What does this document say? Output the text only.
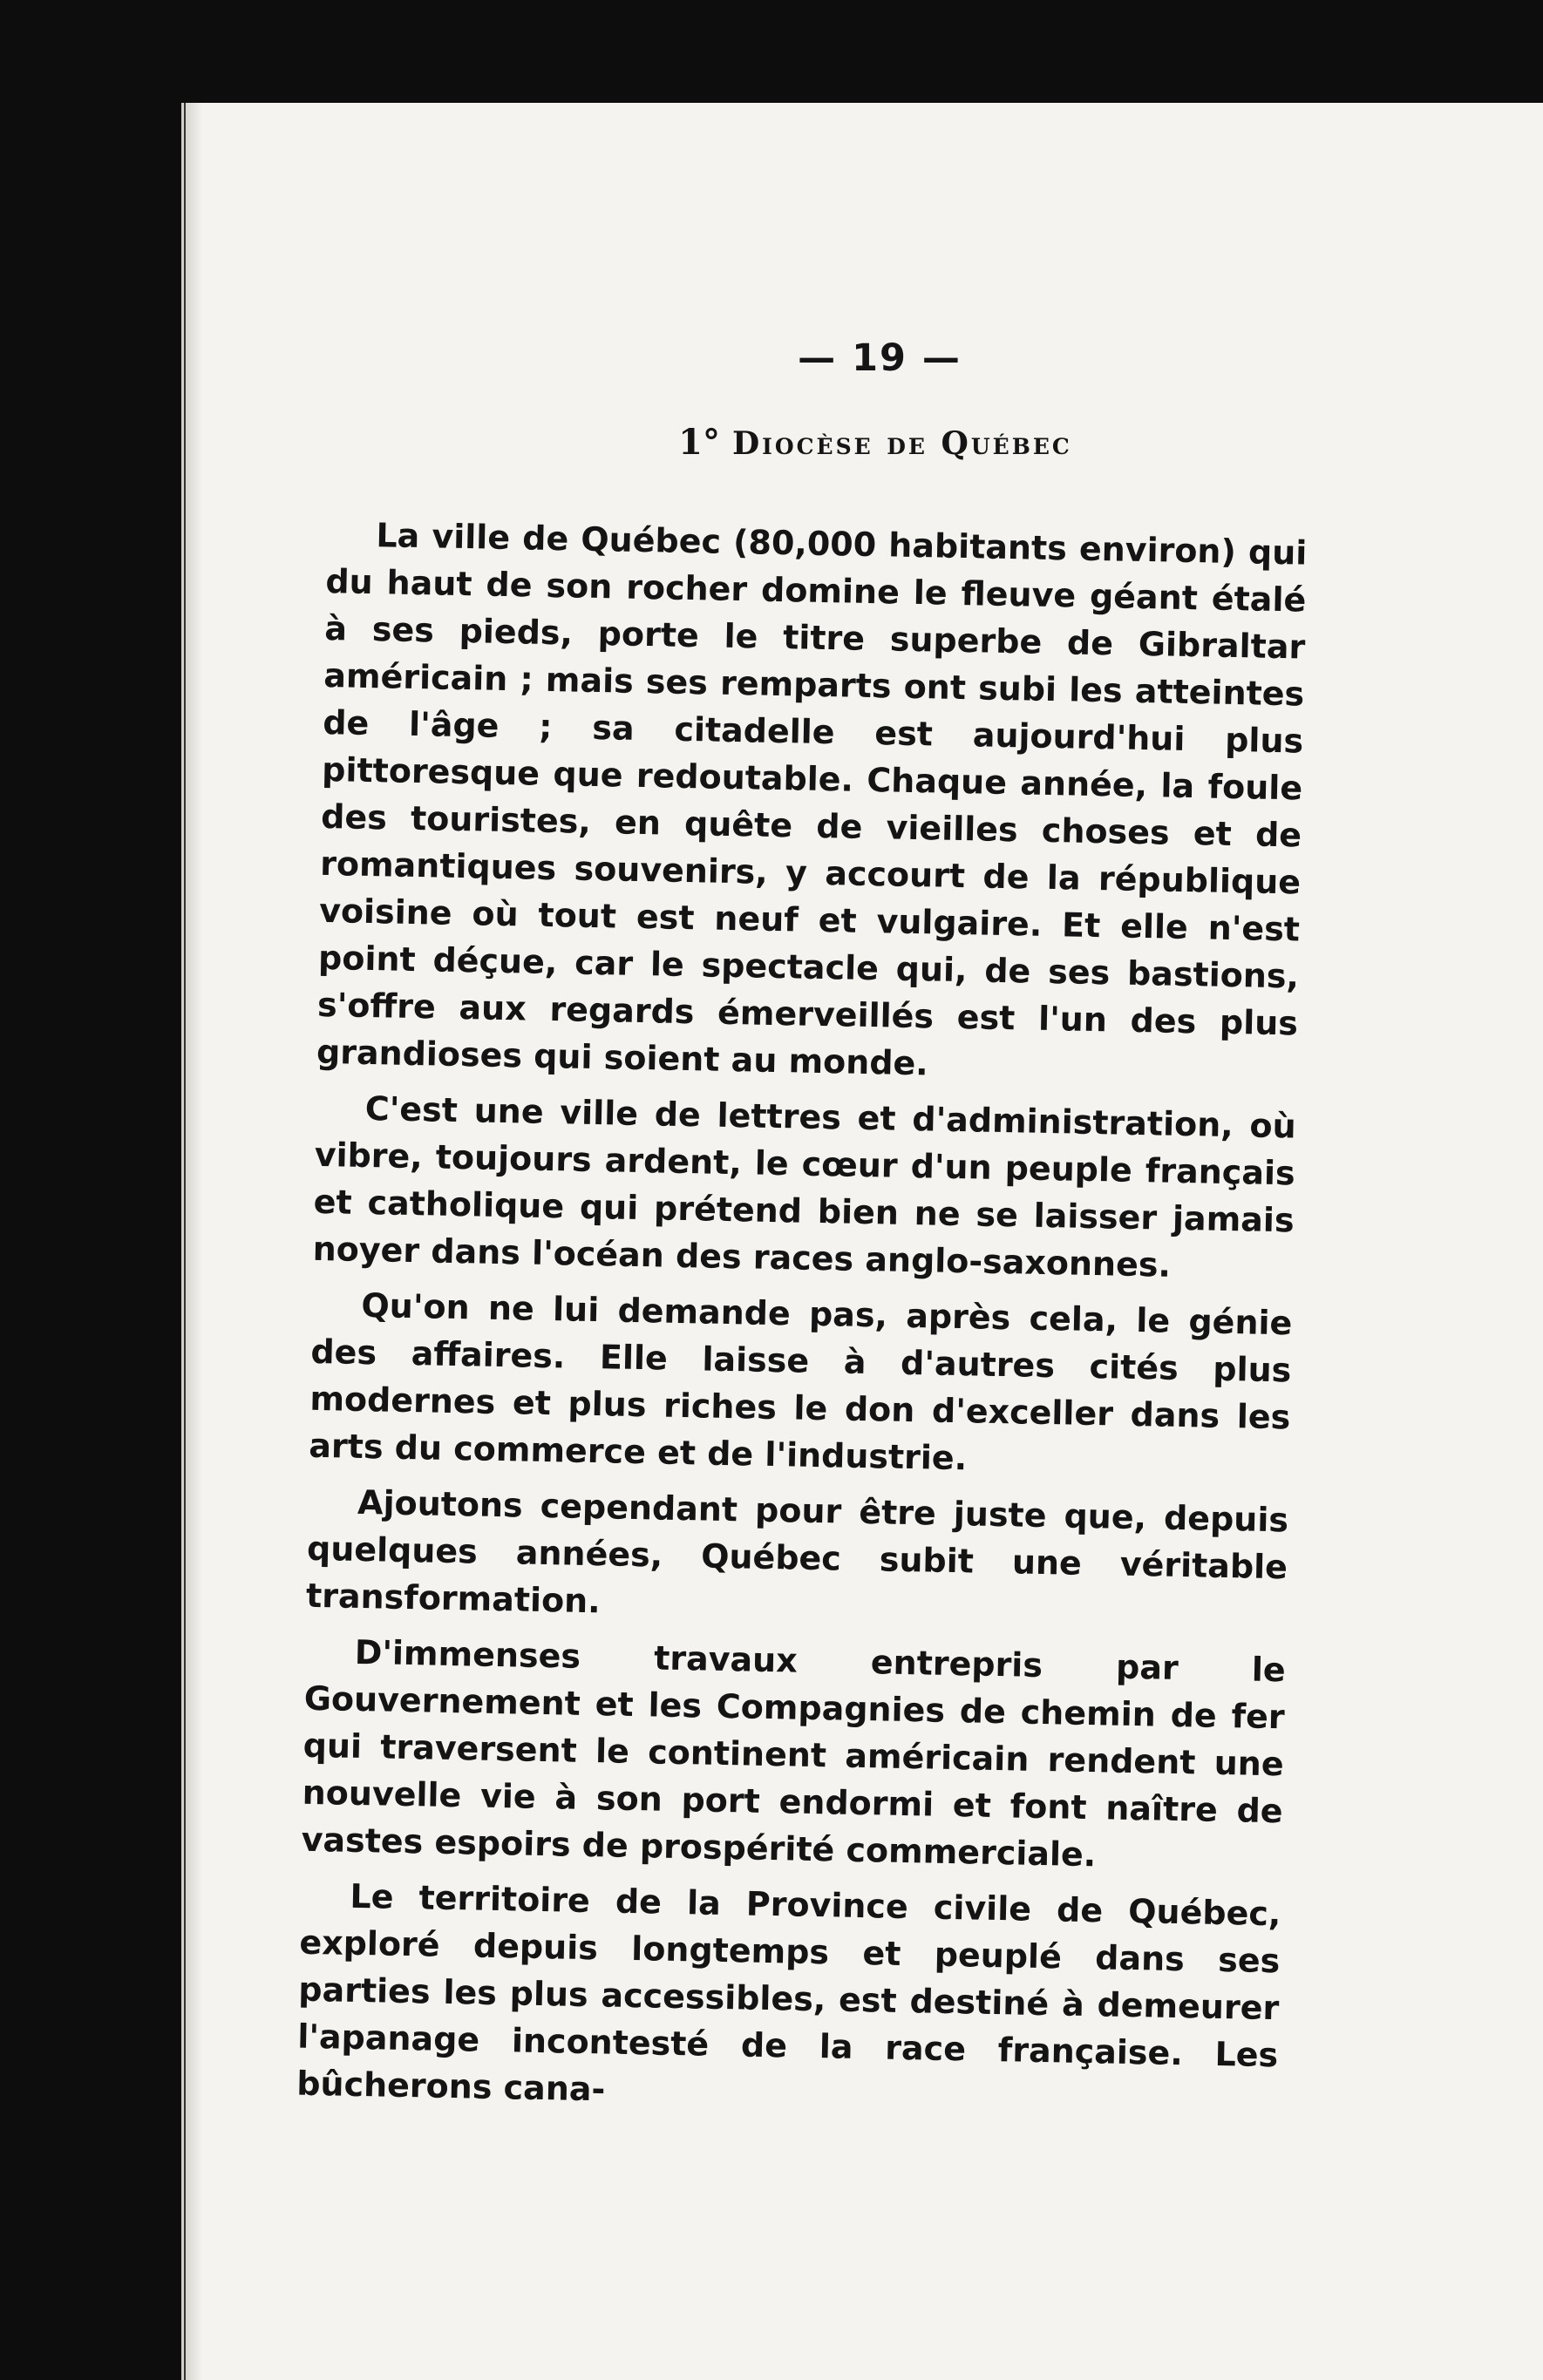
— 19 —
1° Diocèse de Québec

La ville de Québec (80,000 habitants environ) qui du haut de son rocher domine le fleuve géant étalé à ses pieds, porte le titre superbe de Gibraltar américain ; mais ses remparts ont subi les atteintes de l'âge ; sa citadelle est aujourd'hui plus pittoresque que redoutable. Chaque année, la foule des touristes, en quête de vieilles choses et de romantiques souvenirs, y accourt de la république voisine où tout est neuf et vulgaire. Et elle n'est point déçue, car le spectacle qui, de ses bastions, s'offre aux regards émerveillés est l'un des plus grandioses qui soient au monde.

C'est une ville de lettres et d'administration, où vibre, toujours ardent, le cœur d'un peuple français et catholique qui prétend bien ne se laisser jamais noyer dans l'océan des races anglo-saxonnes.

Qu'on ne lui demande pas, après cela, le génie des affaires. Elle laisse à d'autres cités plus modernes et plus riches le don d'exceller dans les arts du commerce et de l'industrie.

Ajoutons cependant pour être juste que, depuis quelques années, Québec subit une véritable transformation.

D'immenses travaux entrepris par le Gouvernement et les Compagnies de chemin de fer qui traversent le continent américain rendent une nouvelle vie à son port endormi et font naître de vastes espoirs de prospérité commerciale.

Le territoire de la Province civile de Québec, exploré depuis longtemps et peuplé dans ses parties les plus accessibles, est destiné à demeurer l'apanage incontesté de la race française. Les bûcherons cana-
